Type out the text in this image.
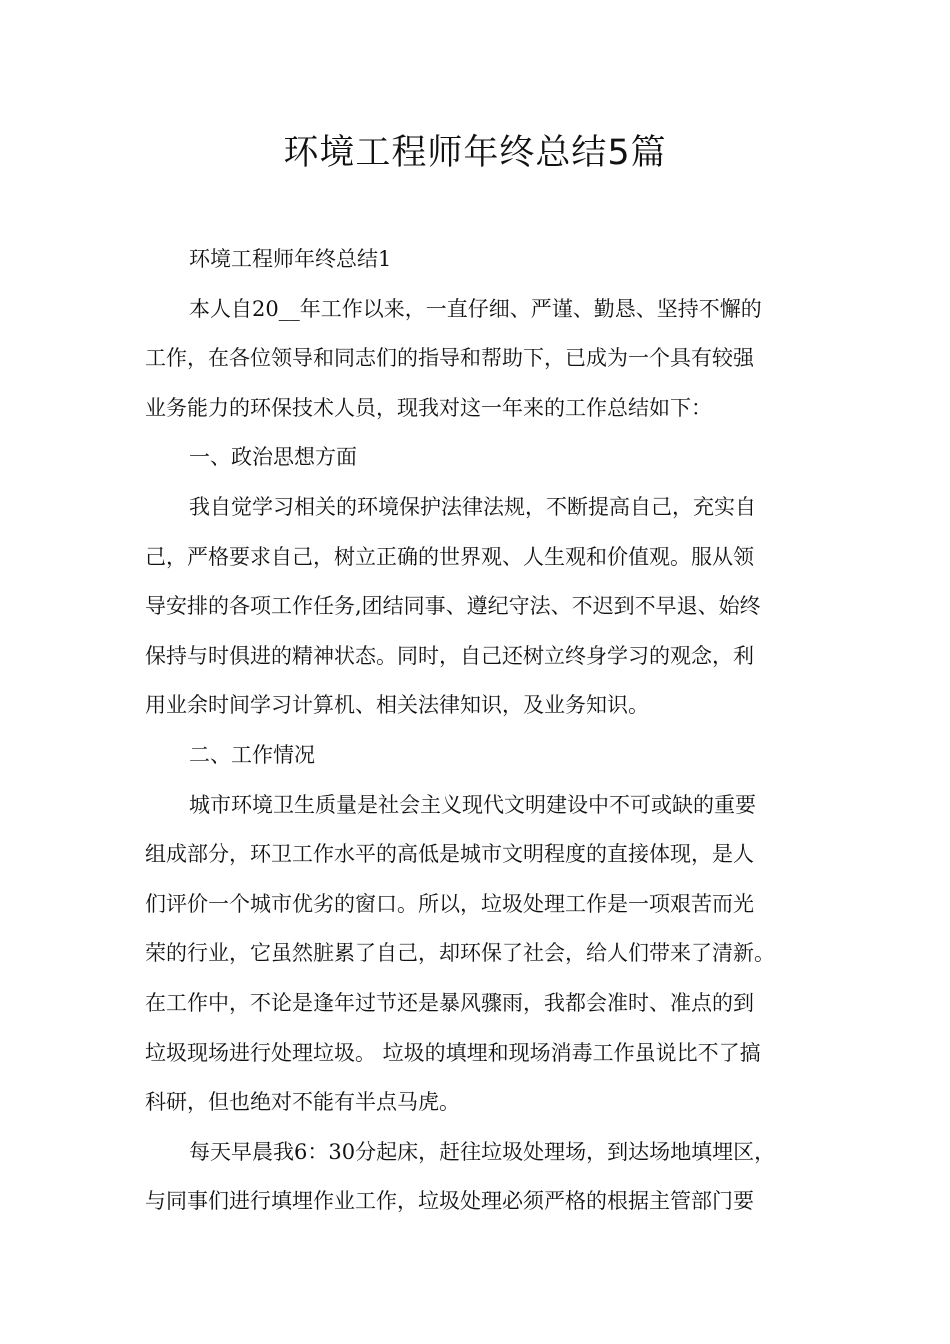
环境工程师年终总结5篇

环境工程师年终总结1

本人自20__年工作以来，一直仔细、严谨、勤恳、坚持不懈的
工作，在各位领导和同志们的指导和帮助下，已成为一个具有较强
业务能力的环保技术人员，现我对这一年来的工作总结如下：

一、政治思想方面

我自觉学习相关的环境保护法律法规，不断提高自己，充实自
己，严格要求自己，树立正确的世界观、人生观和价值观。服从领
导安排的各项工作任务,团结同事、遵纪守法、不迟到不早退、始终
保持与时俱进的精神状态。同时，自己还树立终身学习的观念，利
用业余时间学习计算机、相关法律知识，及业务知识。

二、工作情况

城市环境卫生质量是社会主义现代文明建设中不可或缺的重要
组成部分，环卫工作水平的高低是城市文明程度的直接体现，是人
们评价一个城市优劣的窗口。所以，垃圾处理工作是一项艰苦而光
荣的行业，它虽然脏累了自己，却环保了社会，给人们带来了清新。
在工作中，不论是逢年过节还是暴风骤雨，我都会准时、准点的到
垃圾现场进行处理垃圾。 垃圾的填埋和现场消毒工作虽说比不了搞
科研，但也绝对不能有半点马虎。

每天早晨我6：30分起床，赶往垃圾处理场，到达场地填埋区，
与同事们进行填埋作业工作，垃圾处理必须严格的根据主管部门要
